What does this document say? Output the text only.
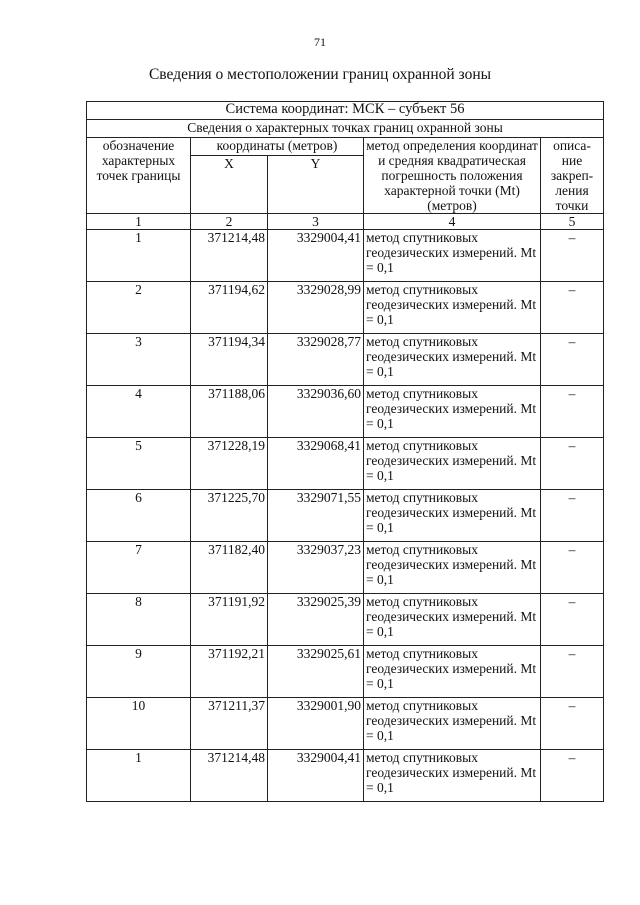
71
Сведения о местоположении границ охранной зоны
Система координат: МСК – субъект 56				
Сведения о характерных точках границ охранной зоны				
обозначение характерных точек границы	координаты (метров)		метод определения координат и средняя квадратическая погрешность положения характерной точки (Mt) (метров)	описа-ние закреп-ления точки
	X	Y		
1	2	3	4	5
1	371214,48	3329004,41	метод спутниковых геодезических измерений. Mt = 0,1	–
2	371194,62	3329028,99	метод спутниковых геодезических измерений. Mt = 0,1	–
3	371194,34	3329028,77	метод спутниковых геодезических измерений. Mt = 0,1	–
4	371188,06	3329036,60	метод спутниковых геодезических измерений. Mt = 0,1	–
5	371228,19	3329068,41	метод спутниковых геодезических измерений. Mt = 0,1	–
6	371225,70	3329071,55	метод спутниковых геодезических измерений. Mt = 0,1	–
7	371182,40	3329037,23	метод спутниковых геодезических измерений. Mt = 0,1	–
8	371191,92	3329025,39	метод спутниковых геодезических измерений. Mt = 0,1	–
9	371192,21	3329025,61	метод спутниковых геодезических измерений. Mt = 0,1	–
10	371211,37	3329001,90	метод спутниковых геодезических измерений. Mt = 0,1	–
1	371214,48	3329004,41	метод спутниковых геодезических измерений. Mt = 0,1	–
